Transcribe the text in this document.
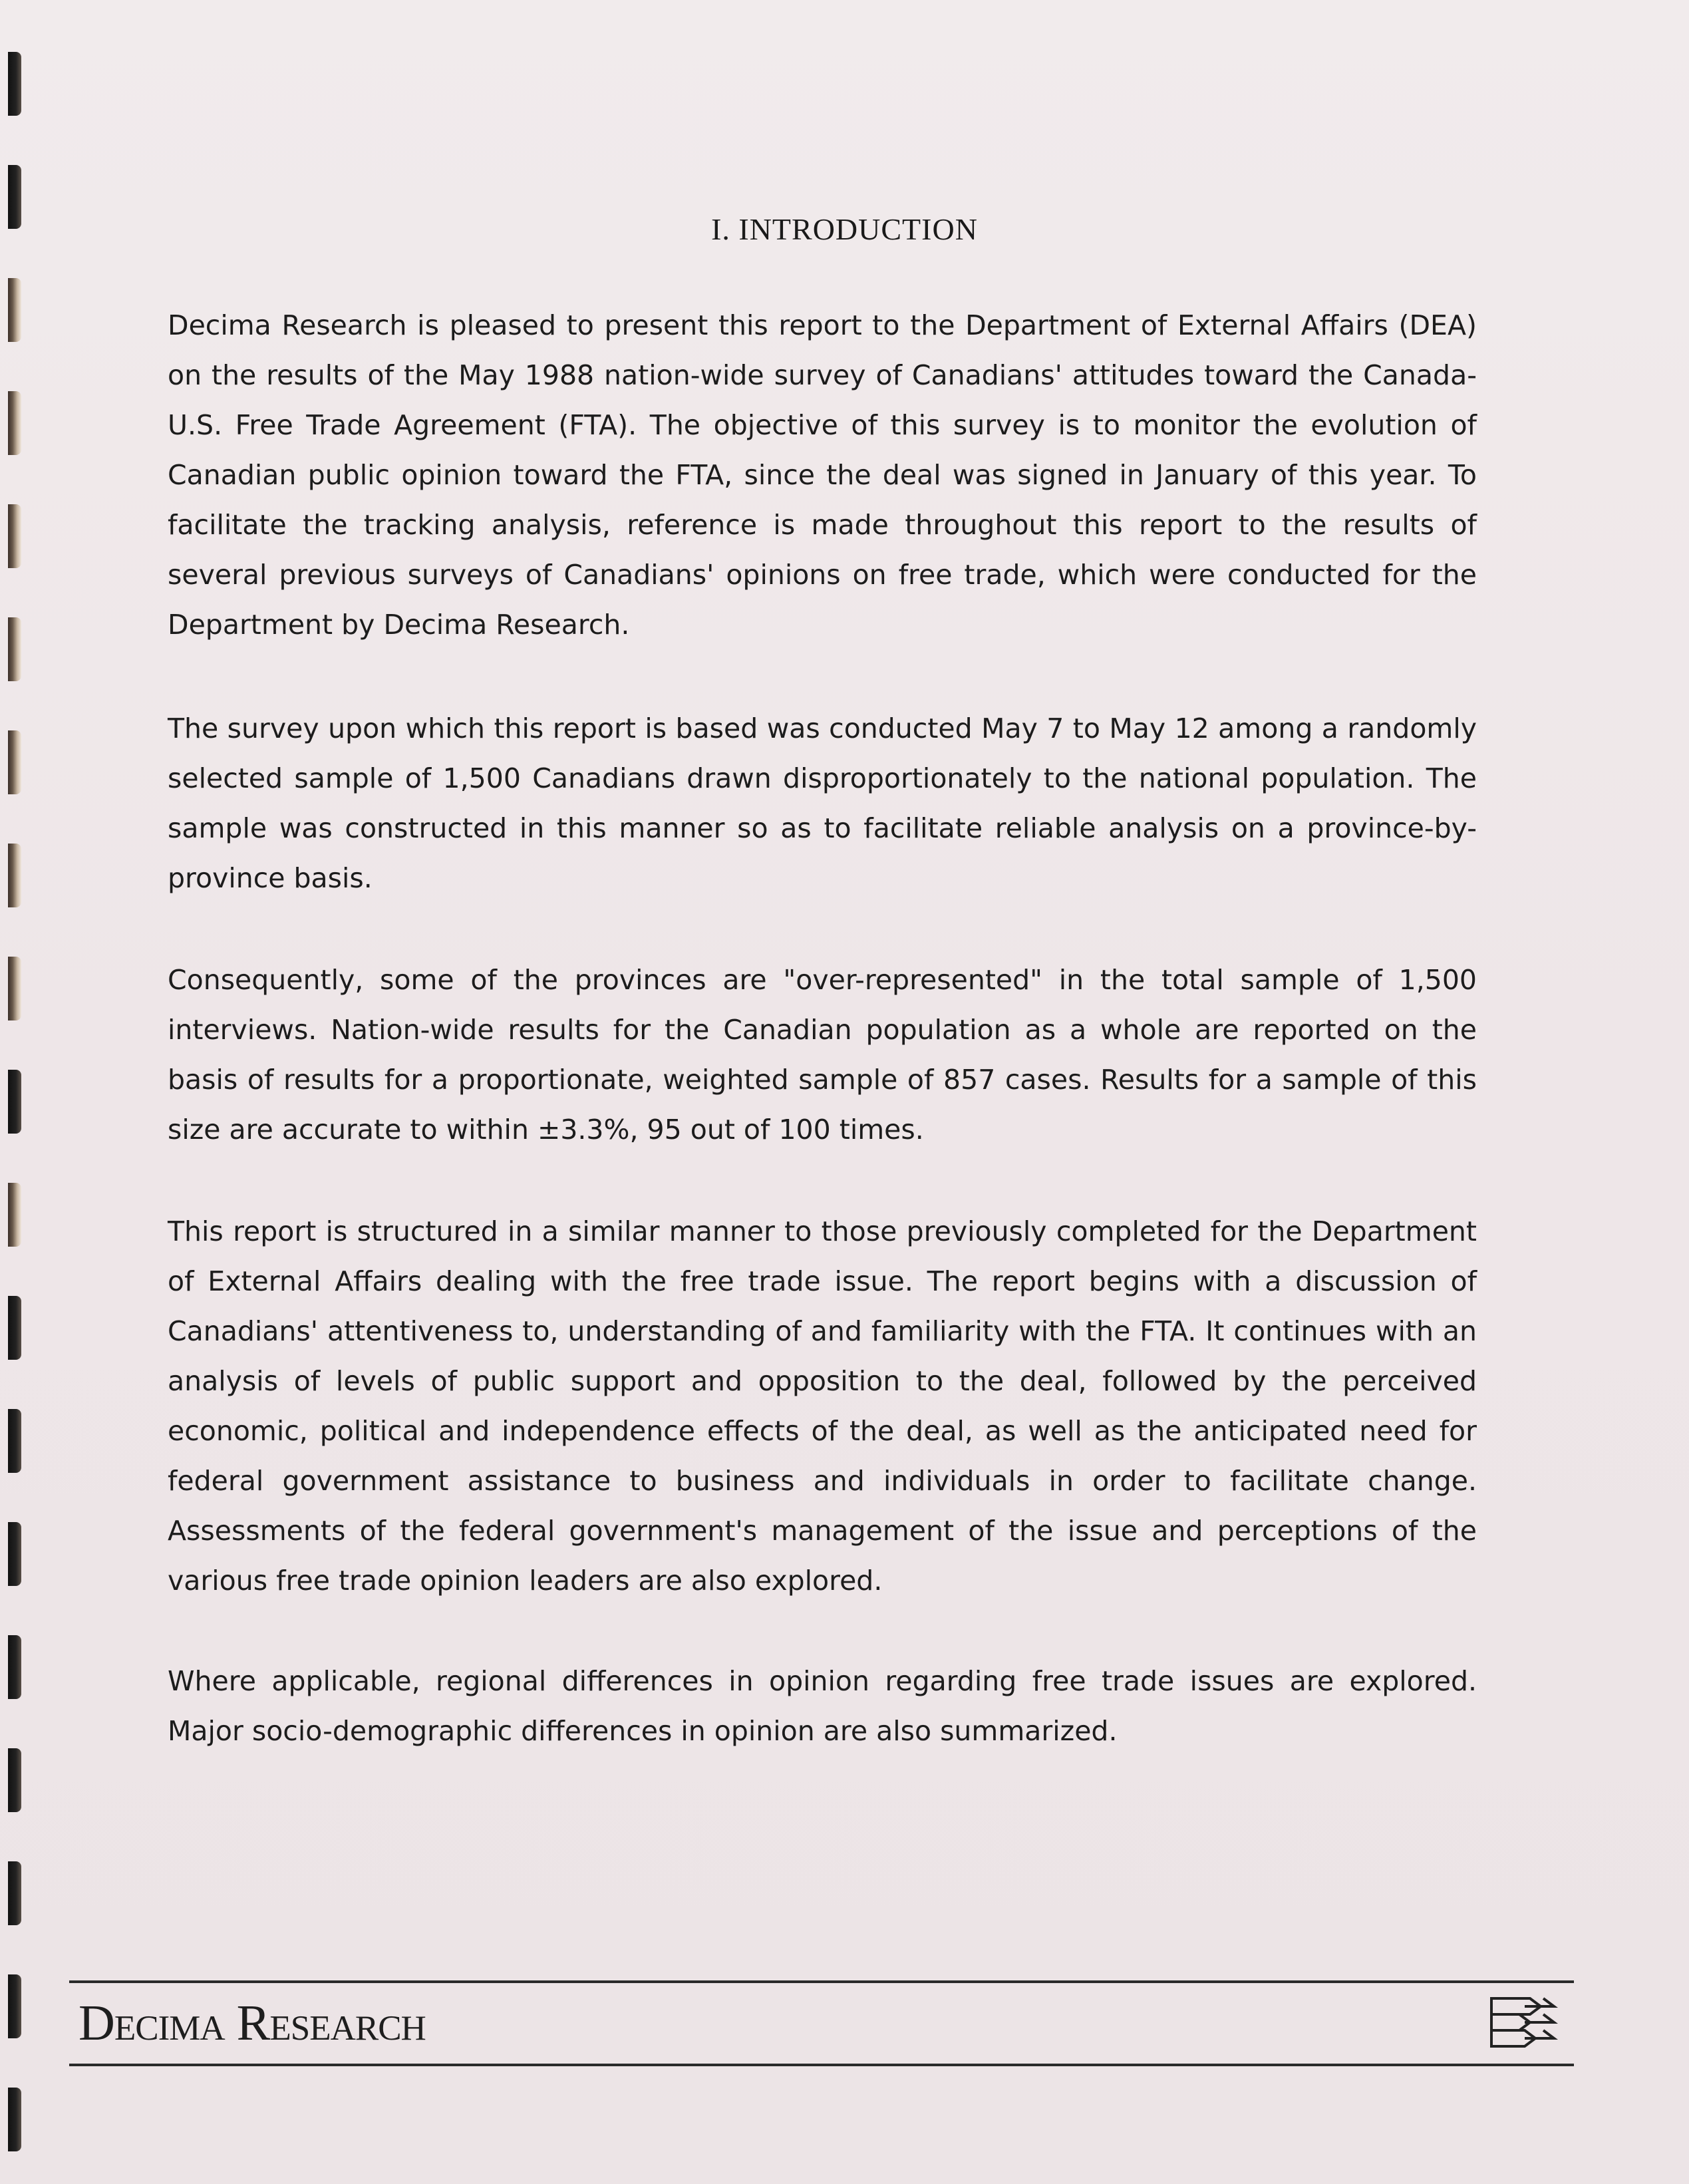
I. INTRODUCTION

Decima Research is pleased to present this report to the Department of External Affairs (DEA) on the results of the May 1988 nation-wide survey of Canadians' attitudes toward the Canada-U.S. Free Trade Agreement (FTA). The objective of this survey is to monitor the evolution of Canadian public opinion toward the FTA, since the deal was signed in January of this year. To facilitate the tracking analysis, reference is made throughout this report to the results of several previous surveys of Canadians' opinions on free trade, which were conducted for the Department by Decima Research.

The survey upon which this report is based was conducted May 7 to May 12 among a randomly selected sample of 1,500 Canadians drawn disproportionately to the national population. The sample was constructed in this manner so as to facilitate reliable analysis on a province-by-province basis.

Consequently, some of the provinces are "over-represented" in the total sample of 1,500 interviews. Nation-wide results for the Canadian population as a whole are reported on the basis of results for a proportionate, weighted sample of 857 cases. Results for a sample of this size are accurate to within ±3.3%, 95 out of 100 times.

This report is structured in a similar manner to those previously completed for the Department of External Affairs dealing with the free trade issue. The report begins with a discussion of Canadians' attentiveness to, understanding of and familiarity with the FTA. It continues with an analysis of levels of public support and opposition to the deal, followed by the perceived economic, political and independence effects of the deal, as well as the anticipated need for federal government assistance to business and individuals in order to facilitate change. Assessments of the federal government's management of the issue and perceptions of the various free trade opinion leaders are also explored.

Where applicable, regional differences in opinion regarding free trade issues are explored. Major socio-demographic differences in opinion are also summarized.

Decima Research
